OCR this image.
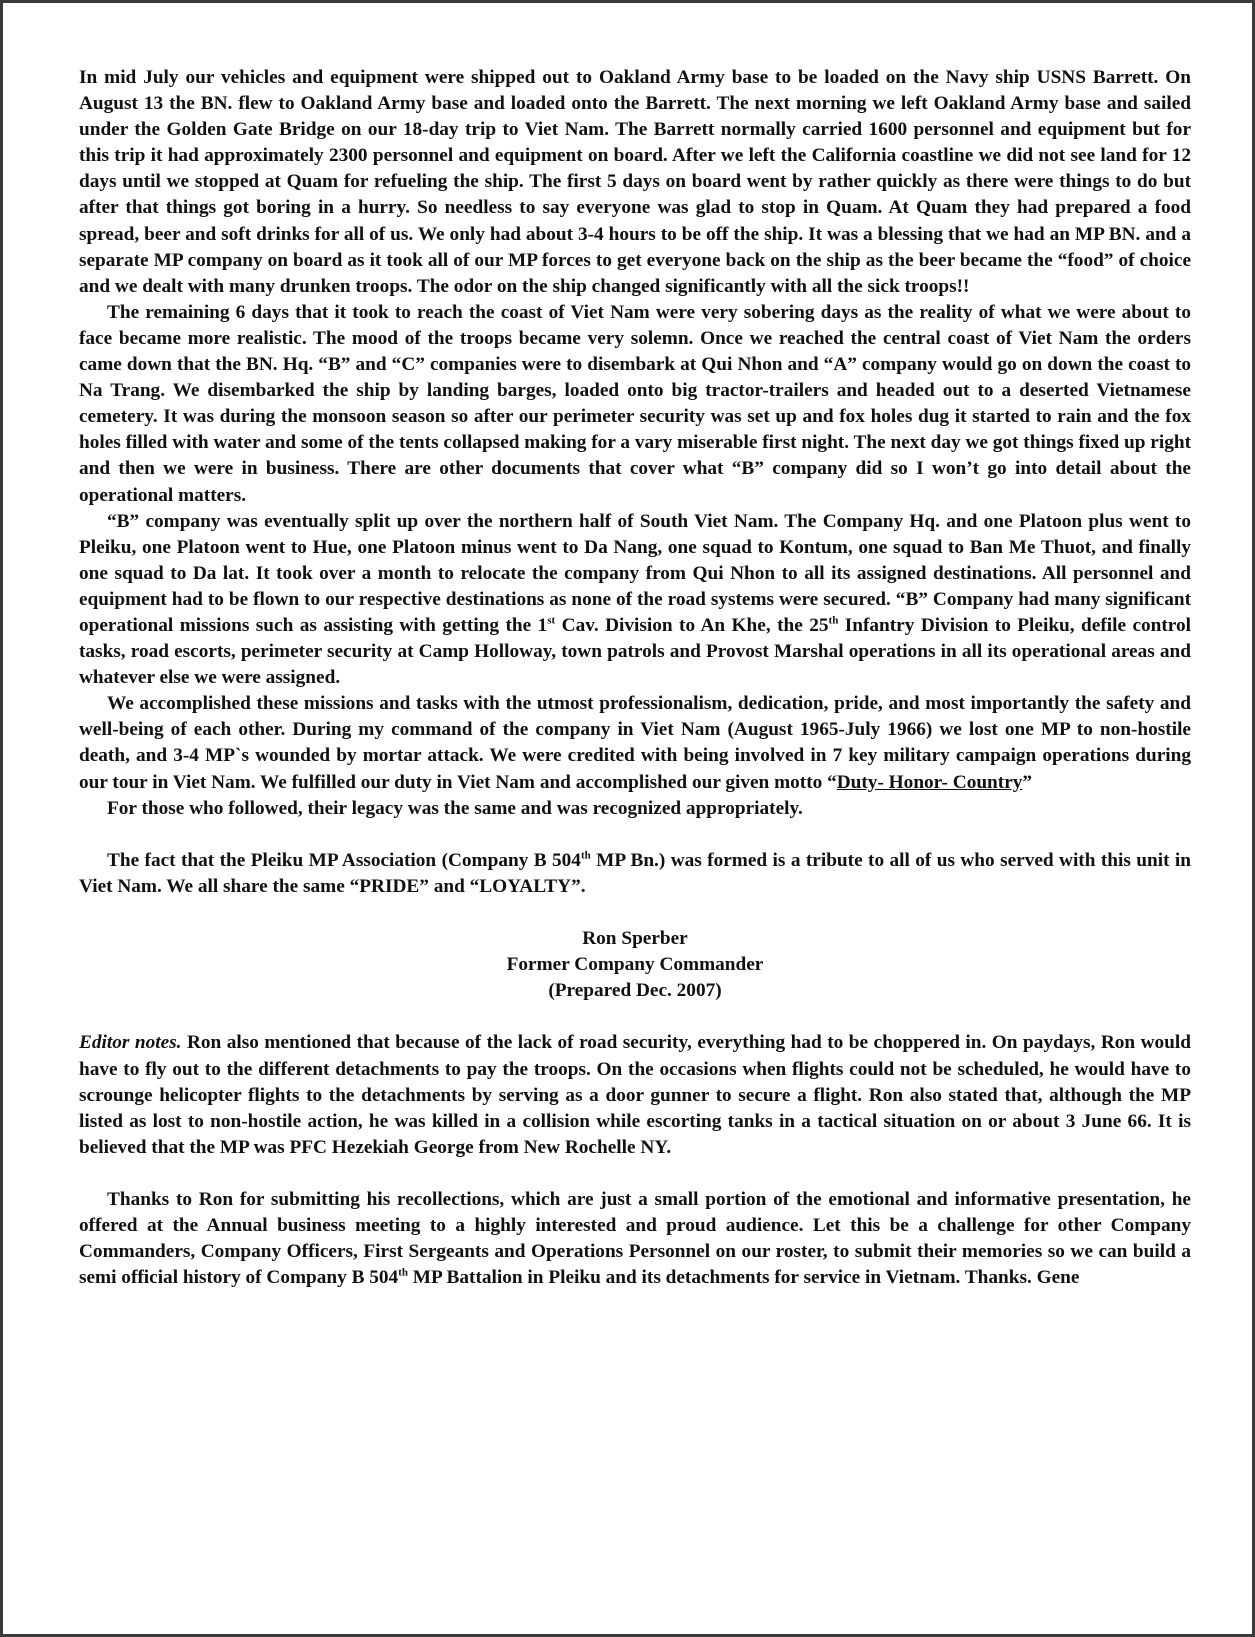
In mid July our vehicles and equipment were shipped out to Oakland Army base to be loaded on the Navy ship USNS Barrett. On August 13 the BN. flew to Oakland Army base and loaded onto the Barrett. The next morning we left Oakland Army base and sailed under the Golden Gate Bridge on our 18-day trip to Viet Nam. The Barrett normally carried 1600 personnel and equipment but for this trip it had approximately 2300 personnel and equipment on board. After we left the California coastline we did not see land for 12 days until we stopped at Quam for refueling the ship. The first 5 days on board went by rather quickly as there were things to do but after that things got boring in a hurry. So needless to say everyone was glad to stop in Quam. At Quam they had prepared a food spread, beer and soft drinks for all of us. We only had about 3-4 hours to be off the ship. It was a blessing that we had an MP BN. and a separate MP company on board as it took all of our MP forces to get everyone back on the ship as the beer became the “food” of choice and we dealt with many drunken troops. The odor on the ship changed significantly with all the sick troops!!

The remaining 6 days that it took to reach the coast of Viet Nam were very sobering days as the reality of what we were about to face became more realistic. The mood of the troops became very solemn. Once we reached the central coast of Viet Nam the orders came down that the BN. Hq. “B” and “C” companies were to disembark at Qui Nhon and “A” company would go on down the coast to Na Trang. We disembarked the ship by landing barges, loaded onto big tractor-trailers and headed out to a deserted Vietnamese cemetery. It was during the monsoon season so after our perimeter security was set up and fox holes dug it started to rain and the fox holes filled with water and some of the tents collapsed making for a vary miserable first night. The next day we got things fixed up right and then we were in business. There are other documents that cover what “B” company did so I won’t go into detail about the operational matters.

“B” company was eventually split up over the northern half of South Viet Nam. The Company Hq. and one Platoon plus went to Pleiku, one Platoon went to Hue, one Platoon minus went to Da Nang, one squad to Kontum, one squad to Ban Me Thuot, and finally one squad to Da lat. It took over a month to relocate the company from Qui Nhon to all its assigned destinations. All personnel and equipment had to be flown to our respective destinations as none of the road systems were secured. “B” Company had many significant operational missions such as assisting with getting the 1st Cav. Division to An Khe, the 25th Infantry Division to Pleiku, defile control tasks, road escorts, perimeter security at Camp Holloway, town patrols and Provost Marshal operations in all its operational areas and whatever else we were assigned.

We accomplished these missions and tasks with the utmost professionalism, dedication, pride, and most importantly the safety and well-being of each other. During my command of the company in Viet Nam (August 1965-July 1966) we lost one MP to non-hostile death, and 3-4 MP`s wounded by mortar attack. We were credited with being involved in 7 key military campaign operations during our tour in Viet Nam. We fulfilled our duty in Viet Nam and accomplished our given motto “Duty- Honor- Country”

For those who followed, their legacy was the same and was recognized appropriately.

The fact that the Pleiku MP Association (Company B 504th MP Bn.) was formed is a tribute to all of us who served with this unit in Viet Nam. We all share the same “PRIDE” and “LOYALTY”.

Ron Sperber
Former Company Commander
(Prepared Dec. 2007)

Editor notes. Ron also mentioned that because of the lack of road security, everything had to be choppered in. On paydays, Ron would have to fly out to the different detachments to pay the troops. On the occasions when flights could not be scheduled, he would have to scrounge helicopter flights to the detachments by serving as a door gunner to secure a flight. Ron also stated that, although the MP listed as lost to non-hostile action, he was killed in a collision while escorting tanks in a tactical situation on or about 3 June 66. It is believed that the MP was PFC Hezekiah George from New Rochelle NY.

Thanks to Ron for submitting his recollections, which are just a small portion of the emotional and informative presentation, he offered at the Annual business meeting to a highly interested and proud audience. Let this be a challenge for other Company Commanders, Company Officers, First Sergeants and Operations Personnel on our roster, to submit their memories so we can build a semi official history of Company B 504th MP Battalion in Pleiku and its detachments for service in Vietnam. Thanks. Gene
